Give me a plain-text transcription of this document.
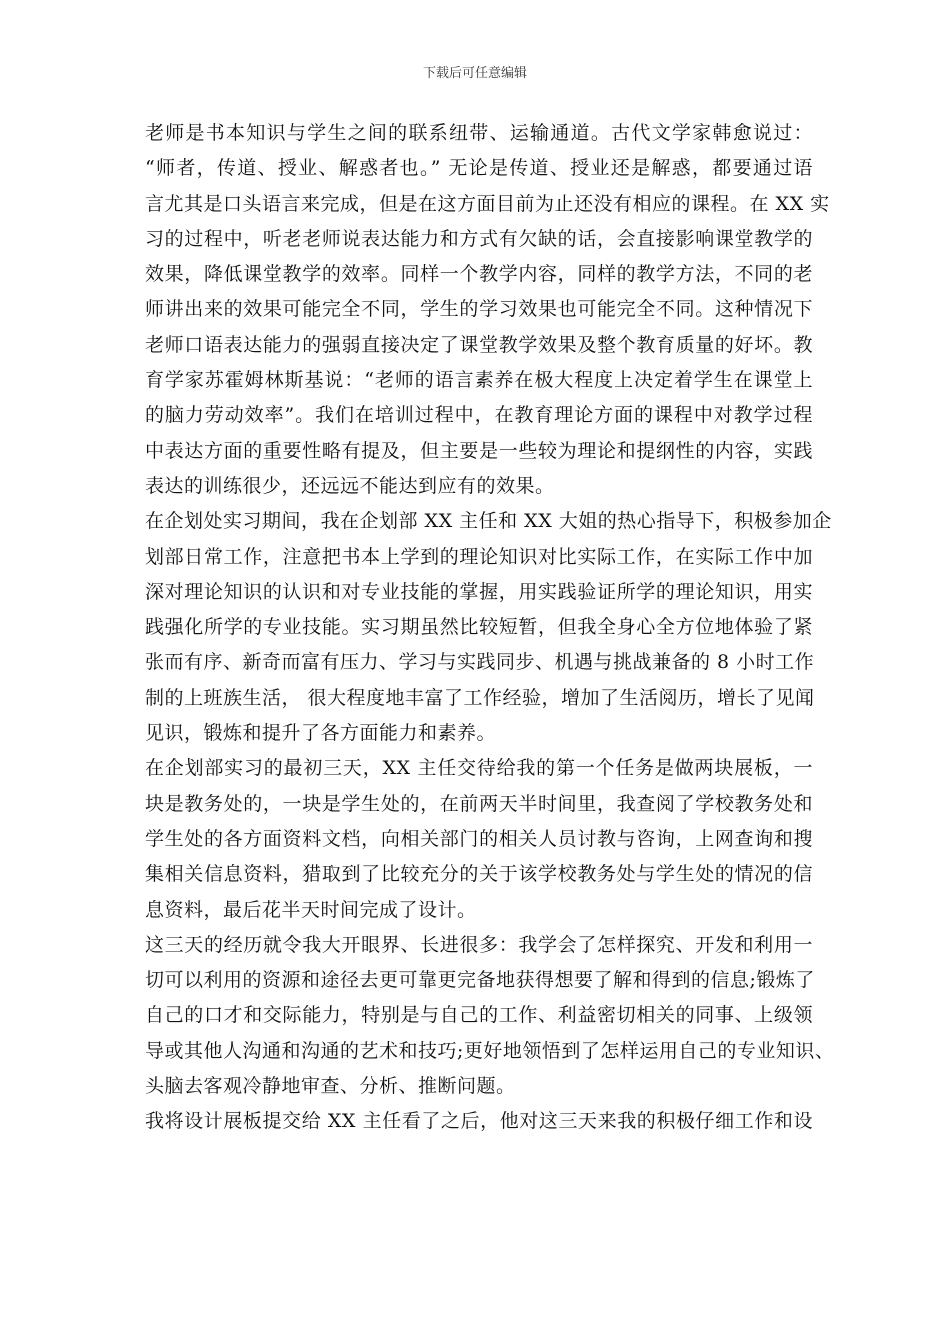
下载后可任意编辑
老师是书本知识与学生之间的联系纽带、运输通道。古代文学家韩愈说过：
“师者，传道、授业、解惑者也。” 无论是传道、授业还是解惑，都要通过语
言尤其是口头语言来完成，但是在这方面目前为止还没有相应的课程。在 XX 实
习的过程中，听老老师说表达能力和方式有欠缺的话，会直接影响课堂教学的
效果，降低课堂教学的效率。同样一个教学内容，同样的教学方法，不同的老
师讲出来的效果可能完全不同，学生的学习效果也可能完全不同。这种情况下
老师口语表达能力的强弱直接决定了课堂教学效果及整个教育质量的好坏。教
育学家苏霍姆林斯基说：“老师的语言素养在极大程度上决定着学生在课堂上
的脑力劳动效率”。我们在培训过程中，在教育理论方面的课程中对教学过程
中表达方面的重要性略有提及，但主要是一些较为理论和提纲性的内容，实践
表达的训练很少，还远远不能达到应有的效果。
在企划处实习期间，我在企划部 XX 主任和 XX 大姐的热心指导下，积极参加企
划部日常工作，注意把书本上学到的理论知识对比实际工作，在实际工作中加
深对理论知识的认识和对专业技能的掌握，用实践验证所学的理论知识，用实
践强化所学的专业技能。实习期虽然比较短暂，但我全身心全方位地体验了紧
张而有序、新奇而富有压力、学习与实践同步、机遇与挑战兼备的 8 小时工作
制的上班族生活， 很大程度地丰富了工作经验，增加了生活阅历，增长了见闻
见识，锻炼和提升了各方面能力和素养。
在企划部实习的最初三天，XX 主任交待给我的第一个任务是做两块展板，一
块是教务处的，一块是学生处的，在前两天半时间里，我查阅了学校教务处和
学生处的各方面资料文档，向相关部门的相关人员讨教与咨询，上网查询和搜
集相关信息资料，猎取到了比较充分的关于该学校教务处与学生处的情况的信
息资料，最后花半天时间完成了设计。
这三天的经历就令我大开眼界、长进很多：我学会了怎样探究、开发和利用一
切可以利用的资源和途径去更可靠更完备地获得想要了解和得到的信息;锻炼了
自己的口才和交际能力，特别是与自己的工作、利益密切相关的同事、上级领
导或其他人沟通和沟通的艺术和技巧;更好地领悟到了怎样运用自己的专业知识、
头脑去客观冷静地审查、分析、推断问题。
我将设计展板提交给 XX 主任看了之后，他对这三天来我的积极仔细工作和设
